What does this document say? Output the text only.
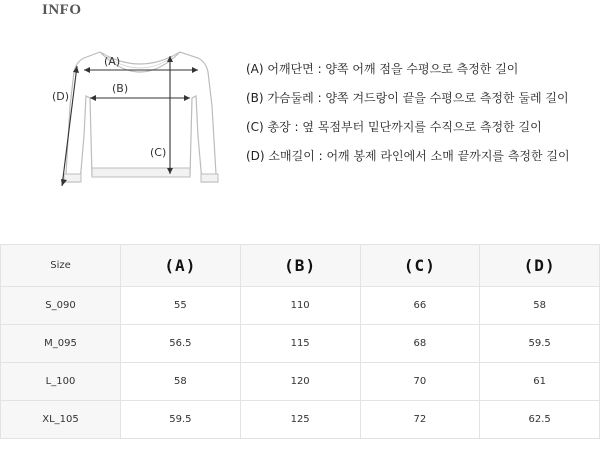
INFO
(A)
(B)
(C)
(D)
(A) 어깨단면 : 양쪽 어깨 점을 수평으로 측정한 길이
(B) 가슴둘레 : 양쪽 겨드랑이 끝을 수평으로 측정한 둘레 길이
(C) 총장 : 옆 목점부터 밑단까지를 수직으로 측정한 길이
(D) 소매길이 : 어깨 봉제 라인에서 소매 끝까지를 측정한 길이
Size	(A)	(B)	(C)	(D)
S_090	55	110	66	58
M_095	56.5	115	68	59.5
L_100	58	120	70	61
XL_105	59.5	125	72	62.5
